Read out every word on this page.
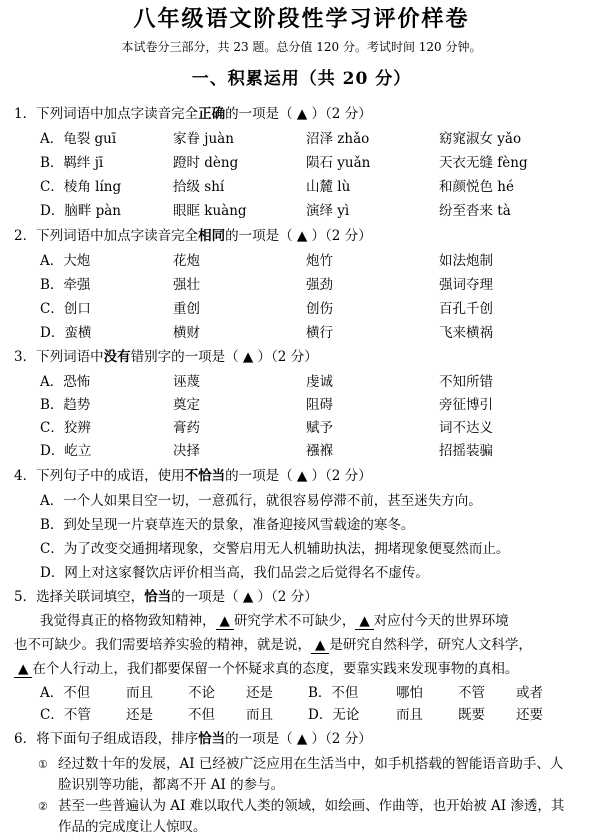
八年级语文阶段性学习评价样卷
本试卷分三部分，共 23 题。总分值 120 分。考试时间 120 分钟。
一、积累运用（共 20 分）
1．下列词语中加点字读音完全正确的一项是（ ▲ ）（2 分）
A．龟裂 guī	家眷 juàn	沼泽 zhǎo	窈窕淑女 yǎo
B．羁绊 jī	蹬时 dèng	陨石 yuǎn	天衣无缝 fèng
C．棱角 líng	拾级 shí	山麓 lù	和颜悦色 hé
D．脑畔 pàn	眼眶 kuàng	演绎 yì	纷至沓来 tà
2．下列词语中加点字读音完全相同的一项是（ ▲ ）（2 分）
A．大炮	花炮	炮竹	如法炮制
B．牵强	强壮	强劲	强词夺理
C．创口	重创	创伤	百孔千创
D．蛮横	横财	横行	飞来横祸
3．下列词语中没有错别字的一项是（ ▲ ）（2 分）
A．恐怖	诬蔑	虔诚	不知所错
B．趋势	奠定	阻碍	旁征博引
C．狡辨	膏药	赋予	词不达义
D．屹立	决择	襁褓	招摇装骗
4．下列句子中的成语，使用不恰当的一项是（ ▲ ）（2 分）
A．一个人如果目空一切，一意孤行，就很容易停滞不前，甚至迷失方向。
B．到处呈现一片衰草连天的景象，准备迎接风雪载途的寒冬。
C．为了改变交通拥堵现象，交警启用无人机辅助执法，拥堵现象便戛然而止。
D．网上对这家餐饮店评价相当高，我们品尝之后觉得名不虚传。
5．选择关联词填空，恰当的一项是（ ▲ ）（2 分）
我觉得真正的格物致知精神， ▲ 研究学术不可缺少， ▲ 对应付今天的世界环境
也不可缺少。我们需要培养实验的精神，就是说， ▲ 是研究自然科学，研究人文科学，
▲ 在个人行动上，我们都要保留一个怀疑求真的态度，要靠实践来发现事物的真相。
A．不但	而且	不论 还是	B．不但	哪怕	不管 或者
C．不管	还是	不但 而且	D．无论	而且	既要 还要
6．将下面句子组成语段，排序恰当的一项是（ ▲ ）（2 分）
① 经过数十年的发展，AI 已经被广泛应用在生活当中，如手机搭载的智能语音助手、人
脸识别等功能，都离不开 AI 的参与。
② 甚至一些普遍认为 AI 难以取代人类的领域，如绘画、作曲等，也开始被 AI 渗透，其
作品的完成度让人惊叹。
